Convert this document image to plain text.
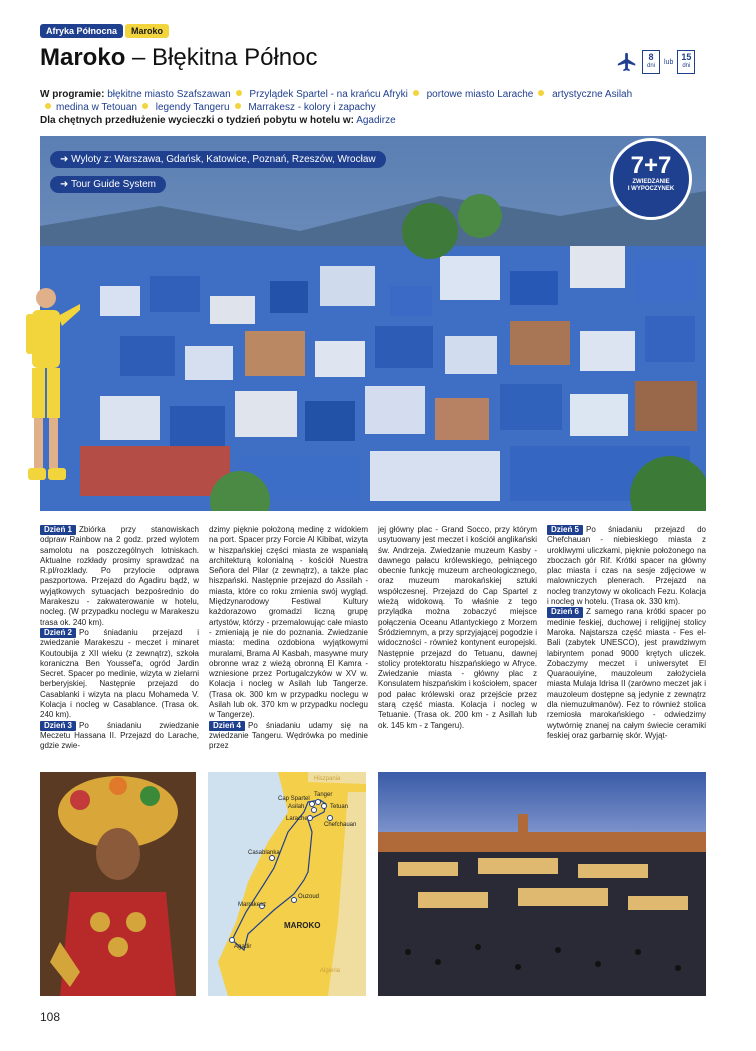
Afryka Północna	Maroko
Maroko – Błękitna Północ	8
dni
lub 15
dni
W programie: błękitne miasto Szafszawan Przylądek Spartel - na krańcu Afryki portowe miasto Larache artystyczne Asilah
medina w Tetouan legendy Tangeru Marrakesz - kolory i zapachy
Dla chętnych przedłużenie wycieczki o tydzień pobytu w hotelu w: Agadirze
➜ Wyloty z: Warszawa, Gdańsk, Katowice, Poznań, Rzeszów, Wrocław
➜ Tour Guide System
7+7
ZWIEDZANIE
I WYPOCZYNEK
Dzień 1 Zbiórka przy stanowiskach odpraw Rainbow na 2 godz. przed wylotem samolotu na poszczególnych lotniskach. Aktualne rozkłady prosimy sprawdzać na R.pl/rozklady. Po przylocie odprawa paszportowa. Przejazd do Agadiru bądź, w wyjątkowych sytuacjach bezpośrednio do Marakeszu - zakwaterowanie w hotelu, nocleg. (W przypadku noclegu w Marakeszu trasa ok. 240 km).
Dzień 2 Po śniadaniu przejazd i zwiedzanie Marakeszu - meczet i minaret Koutoubija z XII wieku (z zewnątrz), szkoła koraniczna Ben Youssef'a, ogród Jardin Secret. Spacer po medinie, wizyta w zielarni berberyjskiej. Następnie przejazd do Casablanki i wizyta na placu Mohameda V. Kolacja i nocleg w Casablance. (Trasa ok. 240 km).
Dzień 3 Po śniadaniu zwiedzanie Meczetu Hassana II. Przejazd do Larache, gdzie zwie-
dzimy pięknie położoną medinę z widokiem na port. Spacer przy Forcie Al Kibibat, wizyta w hiszpańskiej części miasta ze wspaniałą architekturą kolonialną - kościół Nuestra Señora del Pilar (z zewnątrz), a także plac hiszpański. Następnie przejazd do Assilah - miasta, które co roku zmienia swój wygląd. Międzynarodowy Festiwal Kultury każdorazowo gromadzi liczną grupę artystów, którzy - przemalowując całe miasto - zmieniają je nie do poznania. Zwiedzanie miasta: medina ozdobiona wyjątkowymi muralami, Brama Al Kasbah, masywne mury obronne wraz z wieżą obronną El Kamra - wzniesione przez Portugalczyków w XV w. Kolacja i nocleg w Asilah lub Tangerze. (Trasa ok. 300 km w przypadku noclegu w Asilah lub ok. 370 km w przypadku noclegu w Tangerze).
Dzień 4 Po śniadaniu udamy się na zwiedzanie Tangeru. Wędrówka po medinie przez
jej główny plac - Grand Socco, przy którym usytuowany jest meczet i kościół anglikański św. Andrzeja. Zwiedzanie muzeum Kasby - dawnego pałacu królewskiego, pełniącego obecnie funkcję muzeum archeologicznego, oraz muzeum marokańskiej sztuki współczesnej. Przejazd do Cap Spartel z wieżą widokową. To właśnie z tego przylądka można zobaczyć miejsce połączenia Oceanu Atlantyckiego z Morzem Śródziemnym, a przy sprzyjającej pogodzie i widoczności - również kontynent europejski. Następnie przejazd do Tetuanu, dawnej stolicy protektoratu hiszpańskiego w Afryce. Zwiedzanie miasta - główny plac z Konsulatem hiszpańskim i kościołem, spacer pod pałac królewski oraz przejście przez starą część miasta. Kolacja i nocleg w Tetuanie. (Trasa ok. 200 km - z Asillah lub ok. 145 km - z Tangeru).
Dzień 5 Po śniadaniu przejazd do Chefchauan - niebieskiego miasta z urokliwymi uliczkami, pięknie położonego na zboczach gór Rif. Krótki spacer na główny plac miasta i czas na sesje zdjęciowe w malowniczych plenerach. Przejazd na nocleg tranzytowy w okolicach Fezu. Kolacja i nocleg w hotelu. (Trasa ok. 330 km).
Dzień 6 Z samego rana krótki spacer po medinie feskiej, duchowej i religijnej stolicy Maroka. Najstarsza część miasta - Fes el-Bali (zabytek UNESCO), jest prawdziwym labiryntem ponad 9000 krętych uliczek. Zobaczymy meczet i uniwersytet El Quaraouiyine, mauzoleum założyciela miasta Mulaja Idrisa II (zarówno meczet jak i mauzoleum dostępne są jedynie z zewnątrz dla niemuzułmanów). Fez to również stolica rzemiosła marokańskiego - odwiedzimy wytwórnię znanej na całym świecie ceramiki feskiej oraz garbarnię skór. Wyjąt-
Hiszpania
Algieria
Tanger
Cap Spartel
Asilah	Tetuan
Larache
Chefchauan
Casablanka
Ouzoud
Marrakesz
Agadir
MAROKO
108
